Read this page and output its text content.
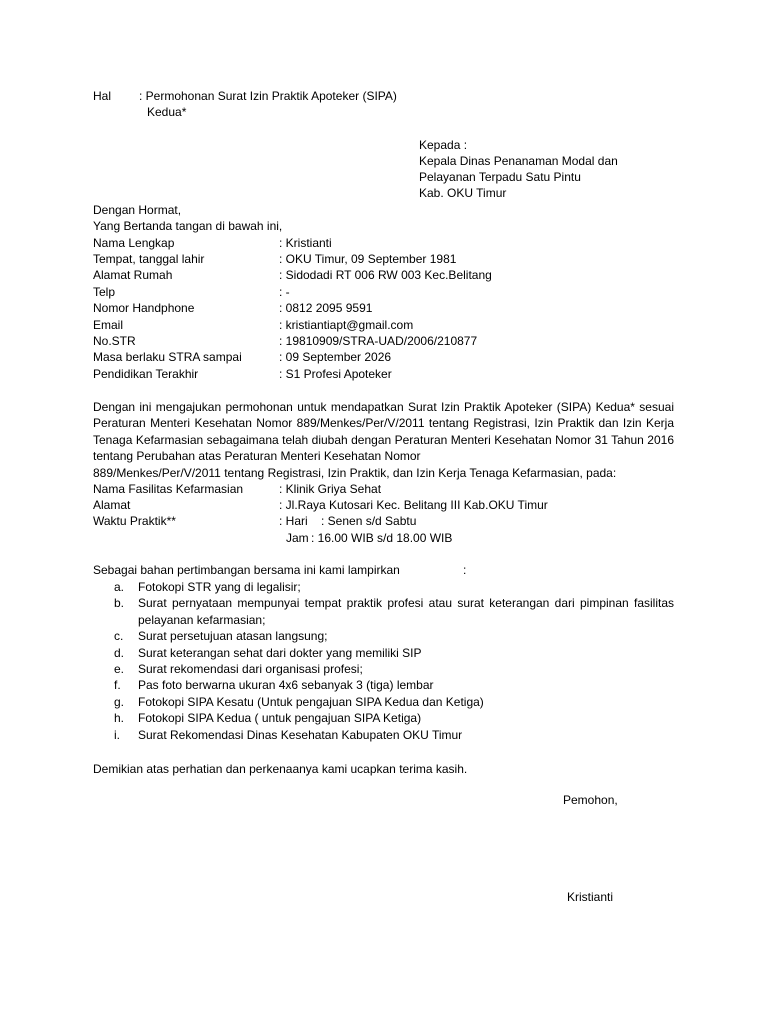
Hal : Permohonan Surat Izin Praktik Apoteker (SIPA)
Kedua*
Kepada :
Kepala Dinas Penanaman Modal dan
Pelayanan Terpadu Satu Pintu
Kab. OKU Timur
Dengan Hormat,
Yang Bertanda tangan di bawah ini,
Nama Lengkap	: Kristianti
Tempat, tanggal lahir	: OKU Timur, 09 September 1981
Alamat Rumah	: Sidodadi RT 006 RW 003 Kec.Belitang
Telp	: -
Nomor Handphone	: 0812 2095 9591
Email	: kristiantiapt@gmail.com
No.STR	: 19810909/STRA-UAD/2006/210877
Masa berlaku STRA sampai	: 09 September 2026
Pendidikan Terakhir	: S1 Profesi Apoteker
Dengan ini mengajukan permohonan untuk mendapatkan Surat Izin Praktik Apoteker (SIPA) Kedua* sesuai Peraturan Menteri Kesehatan Nomor 889/Menkes/Per/V/2011 tentang Registrasi, Izin Praktik dan Izin Kerja Tenaga Kefarmasian sebagaimana telah diubah dengan Peraturan Menteri Kesehatan Nomor 31 Tahun 2016 tentang Perubahan atas Peraturan Menteri Kesehatan Nomor
889/Menkes/Per/V/2011 tentang Registrasi, Izin Praktik, dan Izin Kerja Tenaga Kefarmasian, pada:
Nama Fasilitas Kefarmasian	: Klinik Griya Sehat
Alamat	: Jl.Raya Kutosari Kec. Belitang III Kab.OKU Timur
Waktu Praktik**	: Hari    : Senen s/d Sabtu
Jam : 16.00 WIB s/d 18.00 WIB
Sebagai bahan pertimbangan bersama ini kami lampirkan	:
a. Fotokopi STR yang di legalisir;
b. Surat pernyataan mempunyai tempat praktik profesi atau surat keterangan dari pimpinan fasilitas pelayanan kefarmasian;
c. Surat persetujuan atasan langsung;
d. Surat keterangan sehat dari dokter yang memiliki SIP
e. Surat rekomendasi dari organisasi profesi;
f. Pas foto berwarna ukuran 4x6 sebanyak 3 (tiga) lembar
g. Fotokopi SIPA Kesatu (Untuk pengajuan SIPA Kedua dan Ketiga)
h. Fotokopi SIPA Kedua ( untuk pengajuan SIPA Ketiga)
i. Surat Rekomendasi Dinas Kesehatan Kabupaten OKU Timur
Demikian atas perhatian dan perkenaanya kami ucapkan terima kasih.
Pemohon,
Kristianti
